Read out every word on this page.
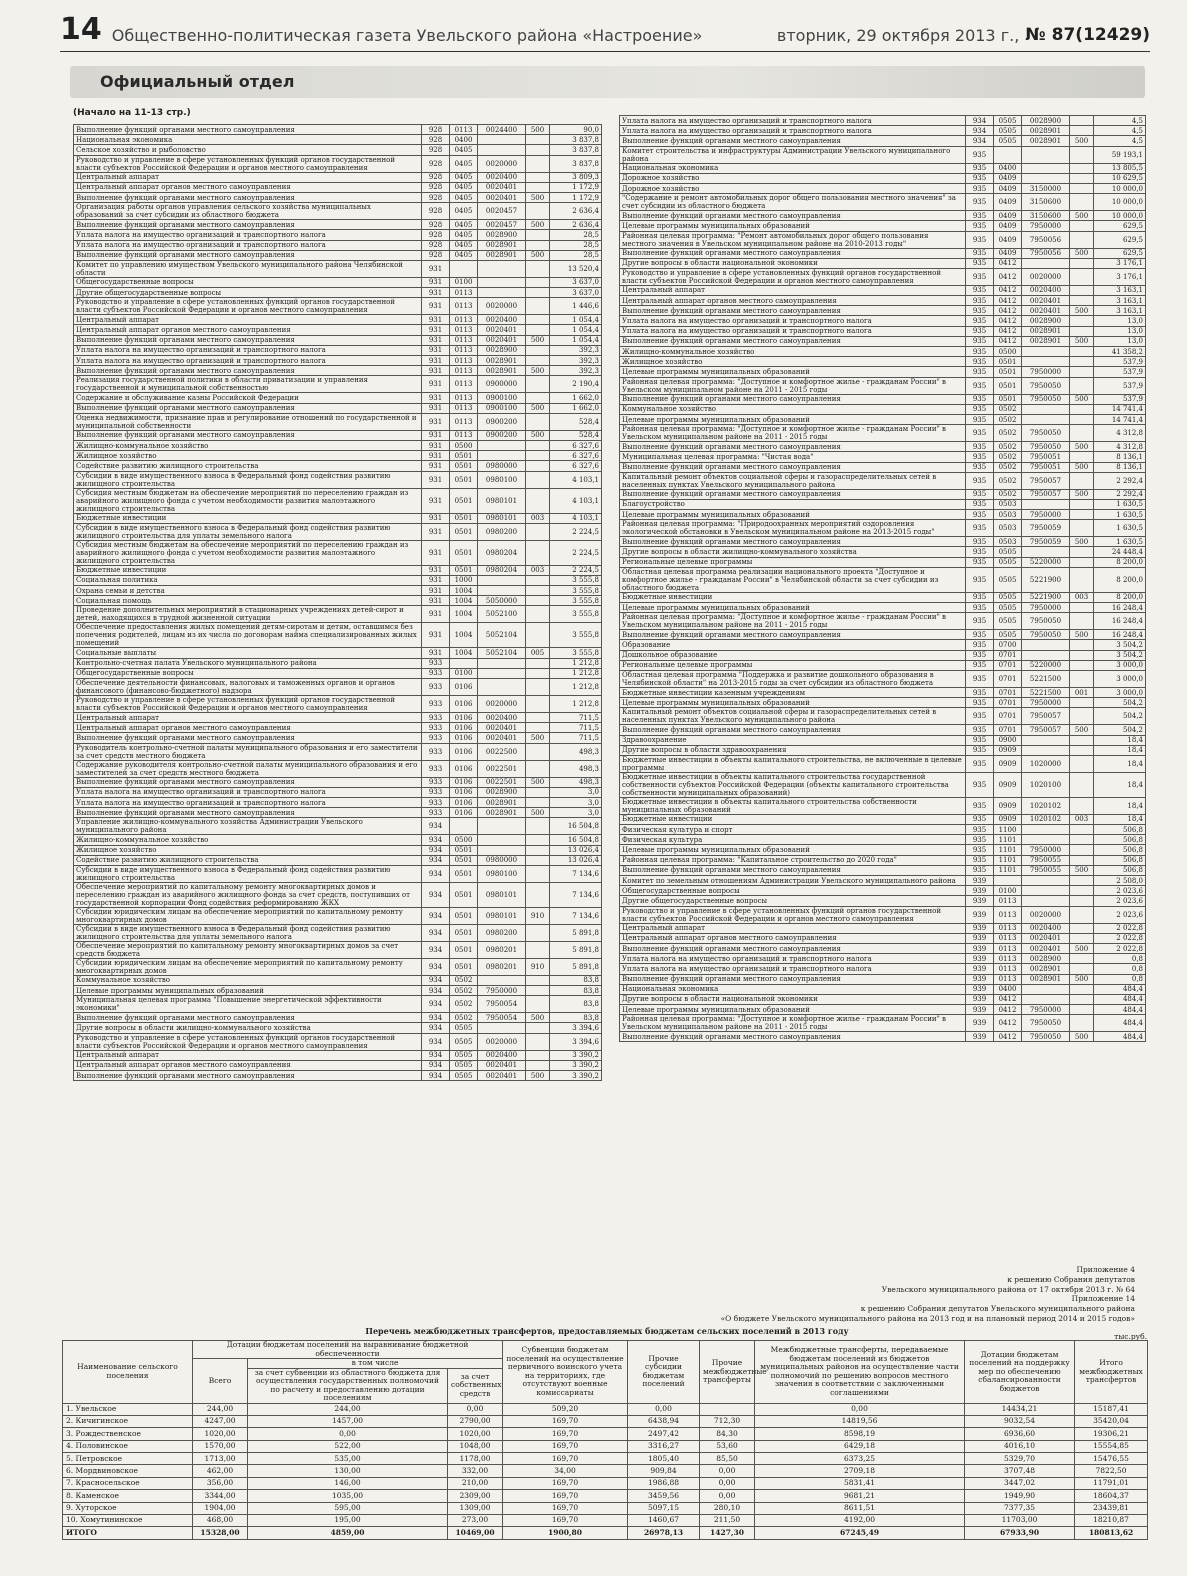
14 Общественно-политическая газета Увельского района «Настроение»	вторник, 29 октября 2013 г., № 87(12429)
Официальный отдел
(Начало на 11-13 стр.)
Выполнение функций органами местного самоуправления	928	0113	0024400	500	90,0
Национальная экономика	928	0400			3 837,8
Сельское хозяйство и рыболовство	928	0405			3 837,8
Руководство и управление в сфере установленных функций органов государственной власти субъектов Российской Федерации и органов местного самоуправления	928	0405	0020000		3 837,8
Центральный аппарат	928	0405	0020400		3 809,3
Центральный аппарат органов местного самоуправления	928	0405	0020401		1 172,9
Выполнение функций органами местного самоуправления	928	0405	0020401	500	1 172,9
Организация работы органов управления сельского хозяйства муниципальных образований за счет субсидии из областного бюджета	928	0405	0020457		2 636,4
Выполнение функций органами местного самоуправления	928	0405	0020457	500	2 636,4
Уплата налога на имущество организаций и транспортного налога	928	0405	0028900		28,5
Уплата налога на имущество организаций и транспортного налога	928	0405	0028901		28,5
Выполнение функций органами местного самоуправления	928	0405	0028901	500	28,5
Комитет по управлению имуществом Увельского муниципального района Челябинской области	931				13 520,4
Общегосударственные вопросы	931	0100			3 637,0
Другие общегосударственные вопросы	931	0113			3 637,0
Руководство и управление в сфере установленных функций органов государственной власти субъектов Российской Федерации и органов местного самоуправления	931	0113	0020000		1 446,6
Центральный аппарат	931	0113	0020400		1 054,4
Центральный аппарат органов местного самоуправления	931	0113	0020401		1 054,4
Выполнение функций органами местного самоуправления	931	0113	0020401	500	1 054,4
Уплата налога на имущество организаций и транспортного налога	931	0113	0028900		392,3
Уплата налога на имущество организаций и транспортного налога	931	0113	0028901		392,3
Выполнение функций органами местного самоуправления	931	0113	0028901	500	392,3
Реализация государственной политики в области приватизации и управления государственной и муниципальной собственностью	931	0113	0900000		2 190,4
Содержание и обслуживание казны Российской Федерации	931	0113	0900100		1 662,0
Выполнение функций органами местного самоуправления	931	0113	0900100	500	1 662,0
Оценка недвижимости, признание прав и регулирование отношений по государственной и муниципальной собственности	931	0113	0900200		528,4
Выполнение функций органами местного самоуправления	931	0113	0900200	500	528,4
Жилищно-коммунальное хозяйство	931	0500			6 327,6
Жилищное хозяйство	931	0501			6 327,6
Содействие развитию жилищного строительства	931	0501	0980000		6 327,6
Субсидии в виде имущественного взноса в Федеральный фонд содействия развитию жилищного строительства	931	0501	0980100		4 103,1
Субсидия местным бюджетам на обеспечение мероприятий по переселению граждан из аварийного жилищного фонда с учетом необходимости развития малоэтажного жилищного строительства	931	0501	0980101		4 103,1
Бюджетные инвестиции	931	0501	0980101	003	4 103,1
Субсидии в виде имущественного взноса в Федеральный фонд содействия развитию жилищного строительства для уплаты земельного налога	931	0501	0980200		2 224,5
Субсидия местным бюджетам на обеспечение мероприятий по переселению граждан из аварийного жилищного фонда с учетом необходимости развития малоэтажного жилищного строительства	931	0501	0980204		2 224,5
Бюджетные инвестиции	931	0501	0980204	003	2 224,5
Социальная политика	931	1000			3 555,8
Охрана семьи и детства	931	1004			3 555,8
Социальная помощь	931	1004	5050000		3 555,8
Проведение дополнительных мероприятий в стационарных учреждениях детей-сирот и детей, находящихся в трудной жизненной ситуации	931	1004	5052100		3 555,8
Обеспечение предоставления жилых помещений детям-сиротам и детям, оставшимся без попечения родителей, лицам из их числа по договорам найма специализированных жилых помещений	931	1004	5052104		3 555,8
Социальные выплаты	931	1004	5052104	005	3 555,8
Контрольно-счетная палата Увельского муниципального района	933				1 212,8
Общегосударственные вопросы	933	0100			1 212,8
Обеспечение деятельности финансовых, налоговых и таможенных органов и органов финансового (финансово-бюджетного) надзора	933	0106			1 212,8
Руководство и управление в сфере установленных функций органов государственной власти субъектов Российской Федерации и органов местного самоуправления	933	0106	0020000		1 212,8
Центральный аппарат	933	0106	0020400		711,5
Центральный аппарат органов местного самоуправления	933	0106	0020401		711,5
Выполнение функций органами местного самоуправления	933	0106	0020401	500	711,5
Руководитель контрольно-счетной палаты муниципального образования и его заместители за счет средств местного бюджета	933	0106	0022500		498,3
Содержание руководителя контрольно-счетной палаты муниципального образования и его заместителей за счет средств местного бюджета	933	0106	0022501		498,3
Выполнение функций органами местного самоуправления	933	0106	0022501	500	498,3
Уплата налога на имущество организаций и транспортного налога	933	0106	0028900		3,0
Уплата налога на имущество организаций и транспортного налога	933	0106	0028901		3,0
Выполнение функций органами местного самоуправления	933	0106	0028901	500	3,0
Управление жилищно-коммунального хозяйства Администрации Увельского муниципального района	934				16 504,8
Жилищно-коммунальное хозяйство	934	0500			16 504,8
Жилищное хозяйство	934	0501			13 026,4
Содействие развитию жилищного строительства	934	0501	0980000		13 026,4
Субсидии в виде имущественного взноса в Федеральный фонд содействия развитию жилищного строительства	934	0501	0980100		7 134,6
Обеспечение мероприятий по капитальному ремонту многоквартирных домов и переселению граждан из аварийного жилищного фонда за счет средств, поступивших от государственной корпорации Фонд содействия реформированию ЖКХ	934	0501	0980101		7 134,6
Субсидии юридическим лицам на обеспечение мероприятий по капитальному ремонту многоквартирных домов	934	0501	0980101	910	7 134,6
Субсидии в виде имущественного взноса в Федеральный фонд содействия развитию жилищного строительства для уплаты земельного налога	934	0501	0980200		5 891,8
Обеспечение мероприятий по капитальному ремонту многоквартирных домов за счет средств бюджета	934	0501	0980201		5 891,8
Субсидии юридическим лицам на обеспечение мероприятий по капитальному ремонту многоквартирных домов	934	0501	0980201	910	5 891,8
Коммунальное хозяйство	934	0502			83,8
Целевые программы муниципальных образований	934	0502	7950000		83,8
Муниципальная целевая программа "Повышение энергетической эффективности экономики"	934	0502	7950054		83,8
Выполнение функций органами местного самоуправления	934	0502	7950054	500	83,8
Другие вопросы в области жилищно-коммунального хозяйства	934	0505			3 394,6
Руководство и управление в сфере установленных функций органов государственной власти субъектов Российской Федерации и органов местного самоуправления	934	0505	0020000		3 394,6
Центральный аппарат	934	0505	0020400		3 390,2
Центральный аппарат органов местного самоуправления	934	0505	0020401		3 390,2
Выполнение функций органами местного самоуправления	934	0505	0020401	500	3 390,2
Уплата налога на имущество организаций и транспортного налога	934	0505	0028900		4,5
Уплата налога на имущество организаций и транспортного налога	934	0505	0028901		4,5
Выполнение функций органами местного самоуправления	934	0505	0028901	500	4,5
Комитет строительства и инфраструктуры Администрации Увельского муниципального района	935				59 193,1
Национальная экономика	935	0400			13 805,5
Дорожное хозяйство	935	0409			10 629,5
Дорожное хозяйство	935	0409	3150000		10 000,0
"Содержание и ремонт автомобильных дорог общего пользования местного значения" за счет субсидии из областного бюджета	935	0409	3150600		10 000,0
Выполнение функций органами местного самоуправления	935	0409	3150600	500	10 000,0
Целевые программы муниципальных образований	935	0409	7950000		629,5
Районная целевая программа: "Ремонт автомобильных дорог общего пользования местного значения в Увельском муниципальном районе на 2010-2013 годы"	935	0409	7950056		629,5
Выполнение функций органами местного самоуправления	935	0409	7950056	500	629,5
Другие вопросы в области национальной экономики	935	0412			3 176,1
Руководство и управление в сфере установленных функций органов государственной власти субъектов Российской Федерации и органов местного самоуправления	935	0412	0020000		3 176,1
Центральный аппарат	935	0412	0020400		3 163,1
Центральный аппарат органов местного самоуправления	935	0412	0020401		3 163,1
Выполнение функций органами местного самоуправления	935	0412	0020401	500	3 163,1
Уплата налога на имущество организаций и транспортного налога	935	0412	0028900		13,0
Уплата налога на имущество организаций и транспортного налога	935	0412	0028901		13,0
Выполнение функций органами местного самоуправления	935	0412	0028901	500	13,0
Жилищно-коммунальное хозяйство	935	0500			41 358,2
Жилищное хозяйство	935	0501			537,9
Целевые программы муниципальных образований	935	0501	7950000		537,9
Районная целевая программа: "Доступное и комфортное жилье - гражданам России" в Увельском муниципальном районе на 2011 - 2015 годы	935	0501	7950050		537,9
Выполнение функций органами местного самоуправления	935	0501	7950050	500	537,9
Коммунальное хозяйство	935	0502			14 741,4
Целевые программы муниципальных образований	935	0502			14 741,4
Районная целевая программа: "Доступное и комфортное жилье - гражданам России" в Увельском муниципальном районе на 2011 - 2015 годы	935	0502	7950050		4 312,8
Выполнение функций органами местного самоуправления	935	0502	7950050	500	4 312,8
Муниципальная целевая программа: "Чистая вода"	935	0502	7950051		8 136,1
Выполнение функций органами местного самоуправления	935	0502	7950051	500	8 136,1
Капитальный ремонт объектов социальной сферы и газораспределительных сетей в населенных пунктах Увельского муниципального района	935	0502	7950057		2 292,4
Выполнение функций органами местного самоуправления	935	0502	7950057	500	2 292,4
Благоустройство	935	0503			1 630,5
Целевые программы муниципальных образований	935	0503	7950000		1 630,5
Районная целевая программа: "Природоохранных мероприятий оздоровления экологической обстановки в Увельском муниципальном районе на 2013-2015 годы"	935	0503	7950059		1 630,5
Выполнение функций органами местного самоуправления	935	0503	7950059	500	1 630,5
Другие вопросы в области жилищно-коммунального хозяйства	935	0505			24 448,4
Региональные целевые программы	935	0505	5220000		8 200,0
Областная целевая программа реализации национального проекта "Доступное и комфортное жилье - гражданам России" в Челябинской области за счет субсидии из областного бюджета	935	0505	5221900		8 200,0
Бюджетные инвестиции	935	0505	5221900	003	8 200,0
Целевые программы муниципальных образований	935	0505	7950000		16 248,4
Районная целевая программа: "Доступное и комфортное жилье - гражданам России" в Увельском муниципальном районе на 2011 - 2015 годы	935	0505	7950050		16 248,4
Выполнение функций органами местного самоуправления	935	0505	7950050	500	16 248,4
Образование	935	0700			3 504,2
Дошкольное образование	935	0701			3 504,2
Региональные целевые программы	935	0701	5220000		3 000,0
Областная целевая программа "Поддержка и развитие дошкольного образования в Челябинской области" на 2013-2015 годы за счет субсидии из областного бюджета	935	0701	5221500		3 000,0
Бюджетные инвестиции казенным учреждениям	935	0701	5221500	001	3 000,0
Целевые программы муниципальных образований	935	0701	7950000		504,2
Капитальный ремонт объектов социальной сферы и газораспределительных сетей в населенных пунктах Увельского муниципального района	935	0701	7950057		504,2
Выполнение функций органами местного самоуправления	935	0701	7950057	500	504,2
Здравоохранение	935	0900			18,4
Другие вопросы в области здравоохранения	935	0909			18,4
Бюджетные инвестиции в объекты капитального строительства, не включенные в целевые программы	935	0909	1020000		18,4
Бюджетные инвестиции в объекты капитального строительства государственной собственности субъектов Российской Федерации (объекты капитального строительства собственности муниципальных образований)	935	0909	1020100		18,4
Бюджетные инвестиции в объекты капитального строительства собственности муниципальных образований	935	0909	1020102		18,4
Бюджетные инвестиции	935	0909	1020102	003	18,4
Физическая культура и спорт	935	1100			506,8
Физическая культура	935	1101			506,8
Целевые программы муниципальных образований	935	1101	7950000		506,8
Районная целевая программа: "Капитальное строительство до 2020 года"	935	1101	7950055		506,8
Выполнение функций органами местного самоуправления	935	1101	7950055	500	506,8
Комитет по земельным отношениям Администрации Увельского муниципального района	939				2 508,0
Общегосударственные вопросы	939	0100			2 023,6
Другие общегосударственные вопросы	939	0113			2 023,6
Руководство и управление в сфере установленных функций органов государственной власти субъектов Российской Федерации и органов местного самоуправления	939	0113	0020000		2 023,6
Центральный аппарат	939	0113	0020400		2 022,8
Центральный аппарат органов местного самоуправления	939	0113	0020401		2 022,8
Выполнение функций органами местного самоуправления	939	0113	0020401	500	2 022,8
Уплата налога на имущество организаций и транспортного налога	939	0113	0028900		0,8
Уплата налога на имущество организаций и транспортного налога	939	0113	0028901		0,8
Выполнение функций органами местного самоуправления	939	0113	0028901	500	0,8
Национальная экономика	939	0400			484,4
Другие вопросы в области национальной экономики	939	0412			484,4
Целевые программы муниципальных образований	939	0412	7950000		484,4
Районная целевая программа: "Доступное и комфортное жилье - гражданам России" в Увельском муниципальном районе на 2011 - 2015 годы	939	0412	7950050		484,4
Выполнение функций органами местного самоуправления	939	0412	7950050	500	484,4
Приложение 4
к решению Собрания депутатов
Увельского муниципального района от 17 октября 2013 г. № 64
Приложение 14
к решению Собрания депутатов Увельского муниципального района
«О бюджете Увельского муниципального района на 2013 год и на плановый период 2014 и 2015 годов»
Перечень межбюджетных трансфертов, предоставляемых бюджетам сельских поселений в 2013 году
тыс.руб.
Наименование сельского поселения	Дотации бюджетам поселений на выравнивание бюджетной обеспеченности			Субвенции бюджетам поселений на осуществление первичного воинского учета на территориях, где отсутствуют военные комиссариаты	Прочие субсидии бюджетам поселений	Прочие межбюджетные трансферты	Межбюджетные трансферты, передаваемые бюджетам поселений из бюджетов муниципальных районов на осуществление части полномочий по решению вопросов местного значения в соответствии с заключенными соглашениями	Дотации бюджетам поселений на поддержку мер по обеспечению сбалансированности бюджетов	Итого межбюджетных трансфертов
	Всего	в том числе							
		за счет субвенции из областного бюджета для осуществления государственных полномочий по расчету и предоставлению дотации поселениям	за счет собственных средств						
1. Увельское	244,00	244,00	0,00	509,20	0,00		0,00	14434,21	15187,41
2. Кичигинское	4247,00	1457,00	2790,00	169,70	6438,94	712,30	14819,56	9032,54	35420,04
3. Рождественское	1020,00	0,00	1020,00	169,70	2497,42	84,30	8598,19	6936,60	19306,21
4. Половинское	1570,00	522,00	1048,00	169,70	3316,27	53,60	6429,18	4016,10	15554,85
5. Петровское	1713,00	535,00	1178,00	169,70	1805,40	85,50	6373,25	5329,70	15476,55
6. Мордвиновское	462,00	130,00	332,00	34,00	909,84	0,00	2709,18	3707,48	7822,50
7. Красносельское	356,00	146,00	210,00	169,70	1986,88	0,00	5831,41	3447,02	11791,01
8. Каменское	3344,00	1035,00	2309,00	169,70	3459,56	0,00	9681,21	1949,90	18604,37
9. Хуторское	1904,00	595,00	1309,00	169,70	5097,15	280,10	8611,51	7377,35	23439,81
10. Хомутининское	468,00	195,00	273,00	169,70	1460,67	211,50	4192,00	11703,00	18210,87
ИТОГО	15328,00	4859,00	10469,00	1900,80	26978,13	1427,30	67245,49	67933,90	180813,62
